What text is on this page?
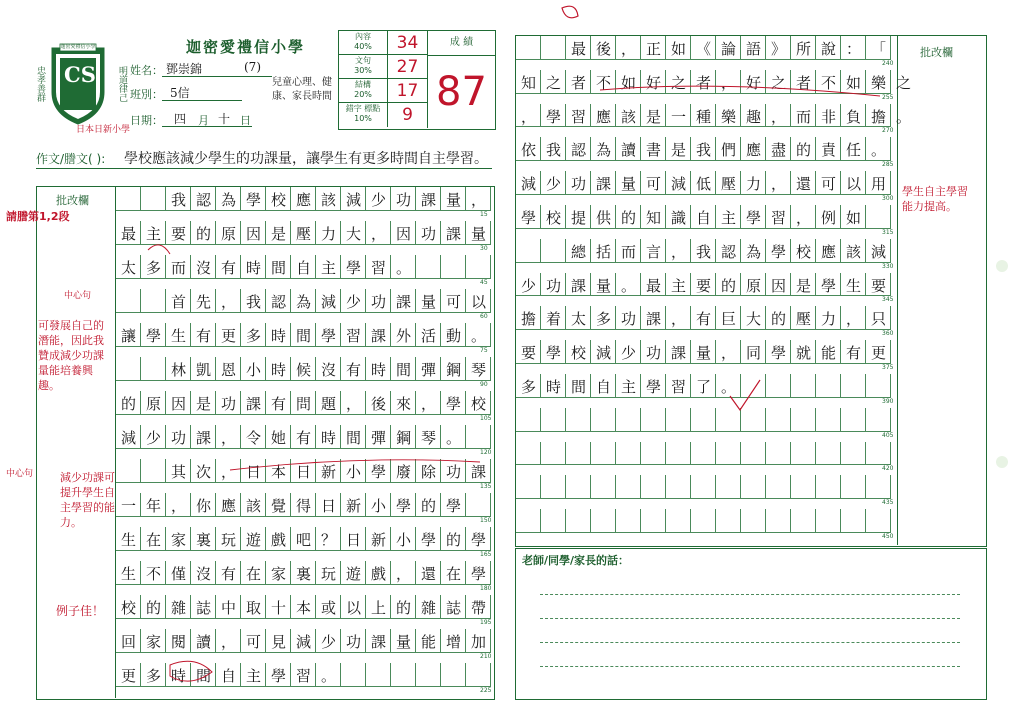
迦密愛禮信小學
CS
忠孝善群	明道律己
迦密愛禮信小學
姓名： 鄧崇錦	(7)
班別： 5信
日期： 四 月 十 日
兒童心理、健康、家長時間
日本日新小學
內容
40%	34
文句
30%	27
結構
20%	17
錯字 標點
10%	9
成 績
87
作文/謄文( ): 學校應該減少學生的功課量，讓學生有更多時間自主學習。
批改欄
請謄第1,2段
中心句
可發展自己的潛能，因此我贊成減少功課量能培養興趣。
中心句 減少功課可提升學生自主學習的能力。
例子佳！
我 認 為 學 校 應 該 減 少 功 課 量 ，
15
最 主 要 的 原 因 是 壓 力 大 ， 因 功 課 量
30
太 多 而 沒 有 時 間 自 主 學 習 。
45
首 先 ， 我 認 為 減 少 功 課 量 可 以
60
讓 學 生 有 更 多 時 間 學 習 課 外 活 動 。
75
林 凱 恩 小 時 候 沒 有 時 間 彈 鋼 琴
90
的 原 因 是 功 課 有 問 題 ， 後 來 ， 學 校
105
減 少 功 課 ， 令 她 有 時 間 彈 鋼 琴 。
120
其 次 ， 日 本 日 新 小 學 廢 除 功 課
135
一 年 ， 你 應 該 覺 得 日 新 小 學 的 學
150
生 在 家 裏 玩 遊 戲 吧 ？ 日 新 小 學 的 學
165
生 不 僅 沒 有 在 家 裏 玩 遊 戲 ， 還 在 學
180
校 的 雜 誌 中 取 十 本 或 以 上 的 雜 誌 帶
195
回 家 閱 讀 ， 可 見 減 少 功 課 量 能 增 加
210
更 多 時 間 自 主 學 習 。
225
批改欄
學生自主學習能力提高。
最 後 ， 正 如 《 論 語 》 所 說 ： 「
240
知 之 者 不 如 好 之 者 ， 好 之 者 不 如 樂 之
255
， 學 習 應 該 是 一 種 樂 趣 ， 而 非 負 擔 。
270
依 我 認 為 讀 書 是 我 們 應 盡 的 責 任 。
285
減 少 功 課 量 可 減 低 壓 力 ， 還 可 以 用
300
學 校 提 供 的 知 識 自 主 學 習 ， 例 如
315
總 括 而 言 ， 我 認 為 學 校 應 該 減
330
少 功 課 量 。 最 主 要 的 原 因 是 學 生 要
345
擔 着 太 多 功 課 ， 有 巨 大 的 壓 力 ， 只
360
要 學 校 減 少 功 課 量 ， 同 學 就 能 有 更
375
多 時 間 自 主 學 習 了 。
390
405
420
435
450
老師/同學/家長的話：
